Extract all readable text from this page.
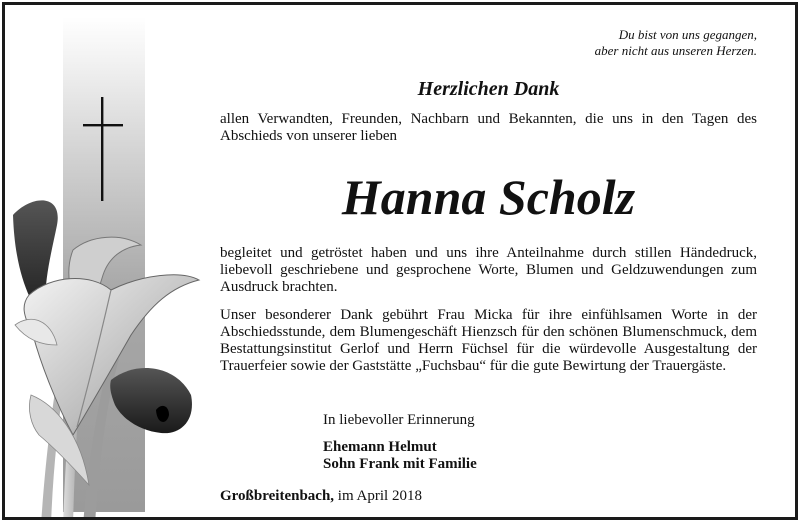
Du bist von uns gegangen,
aber nicht aus unseren Herzen.
Herzlichen Dank
allen Verwandten, Freunden, Nachbarn und Bekannten, die uns in den Tagen des Abschieds von unserer lieben
Hanna Scholz
begleitet und getröstet haben und uns ihre Anteilnahme durch stillen Händedruck, liebevoll geschriebene und gesprochene Worte, Blumen und Geldzuwendungen zum Ausdruck brachten.
Unser besonderer Dank gebührt Frau Micka für ihre einfühlsamen Worte in der Abschiedsstunde, dem Blumengeschäft Hienzsch für den schönen Blumenschmuck, dem Bestattungsinstitut Gerlof und Herrn Füchsel für die würdevolle Ausgestaltung der Trauerfeier sowie der Gaststätte „Fuchsbau“ für die gute Bewirtung der Trauergäste.
In liebevoller Erinnerung
Ehemann Helmut
Sohn Frank mit Familie
Großbreitenbach, im April 2018
